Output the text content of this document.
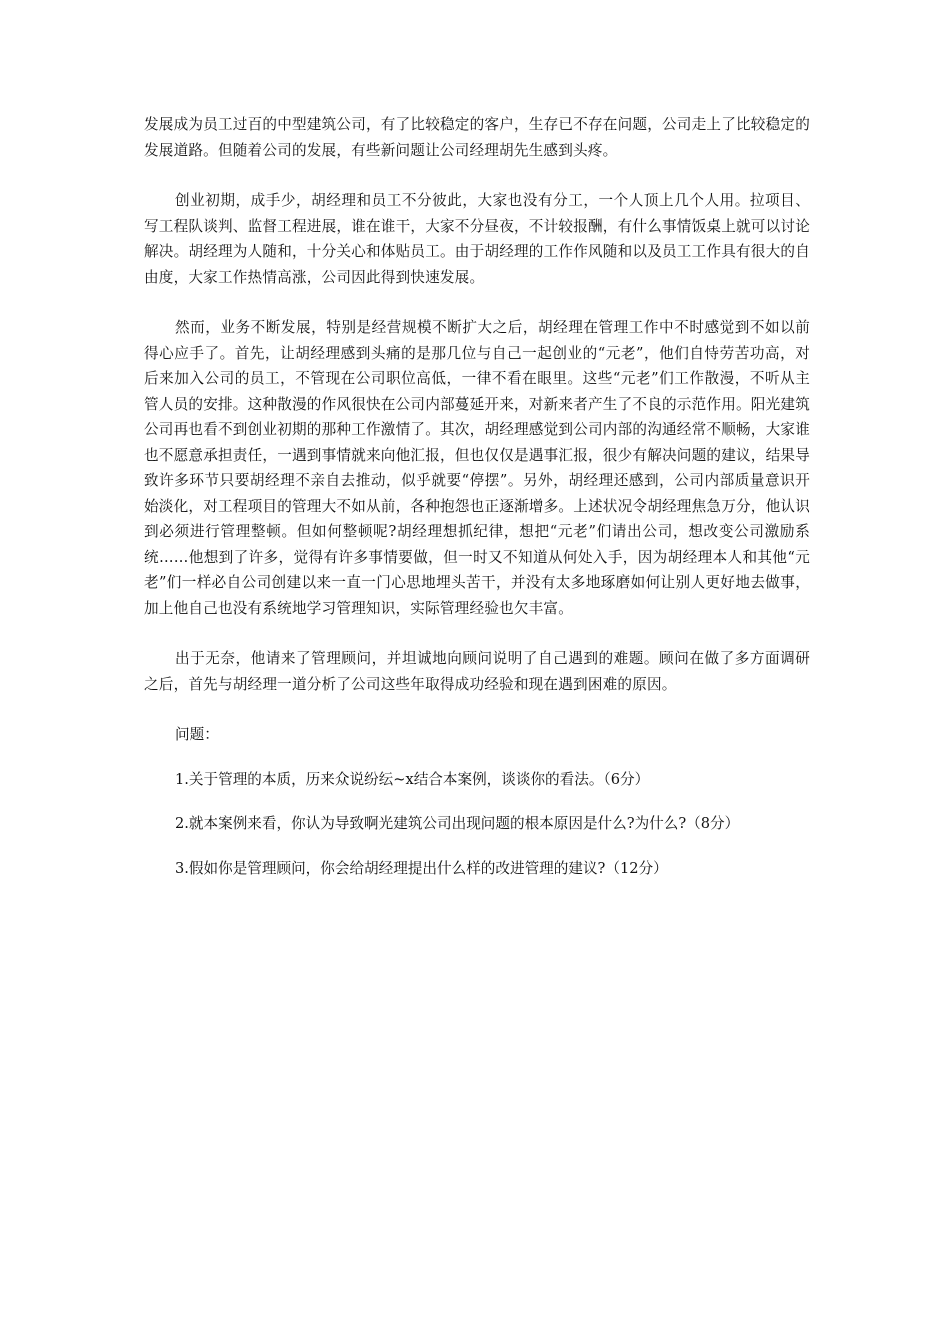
发展成为员工过百的中型建筑公司，有了比较稳定的客户，生存已不存在问题，公司走上了比较稳定的发展道路。但随着公司的发展，有些新问题让公司经理胡先生感到头疼。

创业初期，成手少，胡经理和员工不分彼此，大家也没有分工，一个人顶上几个人用。拉项目、写工程队谈判、监督工程进展，谁在谁干，大家不分昼夜，不计较报酬，有什么事情饭桌上就可以讨论解决。胡经理为人随和，十分关心和体贴员工。由于胡经理的工作作风随和以及员工工作具有很大的自由度，大家工作热情高涨，公司因此得到快速发展。

然而，业务不断发展，特别是经营规模不断扩大之后，胡经理在管理工作中不时感觉到不如以前得心应手了。首先，让胡经理感到头痛的是那几位与自己一起创业的“元老”，他们自恃劳苦功高，对后来加入公司的员工，不管现在公司职位高低，一律不看在眼里。这些“元老”们工作散漫，不听从主管人员的安排。这种散漫的作风很快在公司内部蔓延开来，对新来者产生了不良的示范作用。阳光建筑公司再也看不到创业初期的那种工作激情了。其次，胡经理感觉到公司内部的沟通经常不顺畅，大家谁也不愿意承担责任，一遇到事情就来向他汇报，但也仅仅是遇事汇报，很少有解决问题的建议，结果导致许多环节只要胡经理不亲自去推动，似乎就要“停摆”。另外，胡经理还感到，公司内部质量意识开始淡化，对工程项目的管理大不如从前，各种抱怨也正逐渐增多。上述状况令胡经理焦急万分，他认识到必须进行管理整顿。但如何整顿呢?胡经理想抓纪律，想把“元老”们请出公司，想改变公司激励系统……他想到了许多，觉得有许多事情要做，但一时又不知道从何处入手，因为胡经理本人和其他“元老”们一样必自公司创建以来一直一门心思地埋头苦干，并没有太多地琢磨如何让别人更好地去做事，加上他自己也没有系统地学习管理知识，实际管理经验也欠丰富。

出于无奈，他请来了管理顾问，并坦诚地向顾问说明了自己遇到的难题。顾问在做了多方面调研之后，首先与胡经理一道分析了公司这些年取得成功经验和现在遇到困难的原因。

问题：

1.关于管理的本质，历来众说纷纭~x结合本案例，谈谈你的看法。（6分）

2.就本案例来看，你认为导致啊光建筑公司出现问题的根本原因是什么?为什么?（8分）

3.假如你是管理顾问，你会给胡经理提出什么样的改进管理的建议?（12分）
